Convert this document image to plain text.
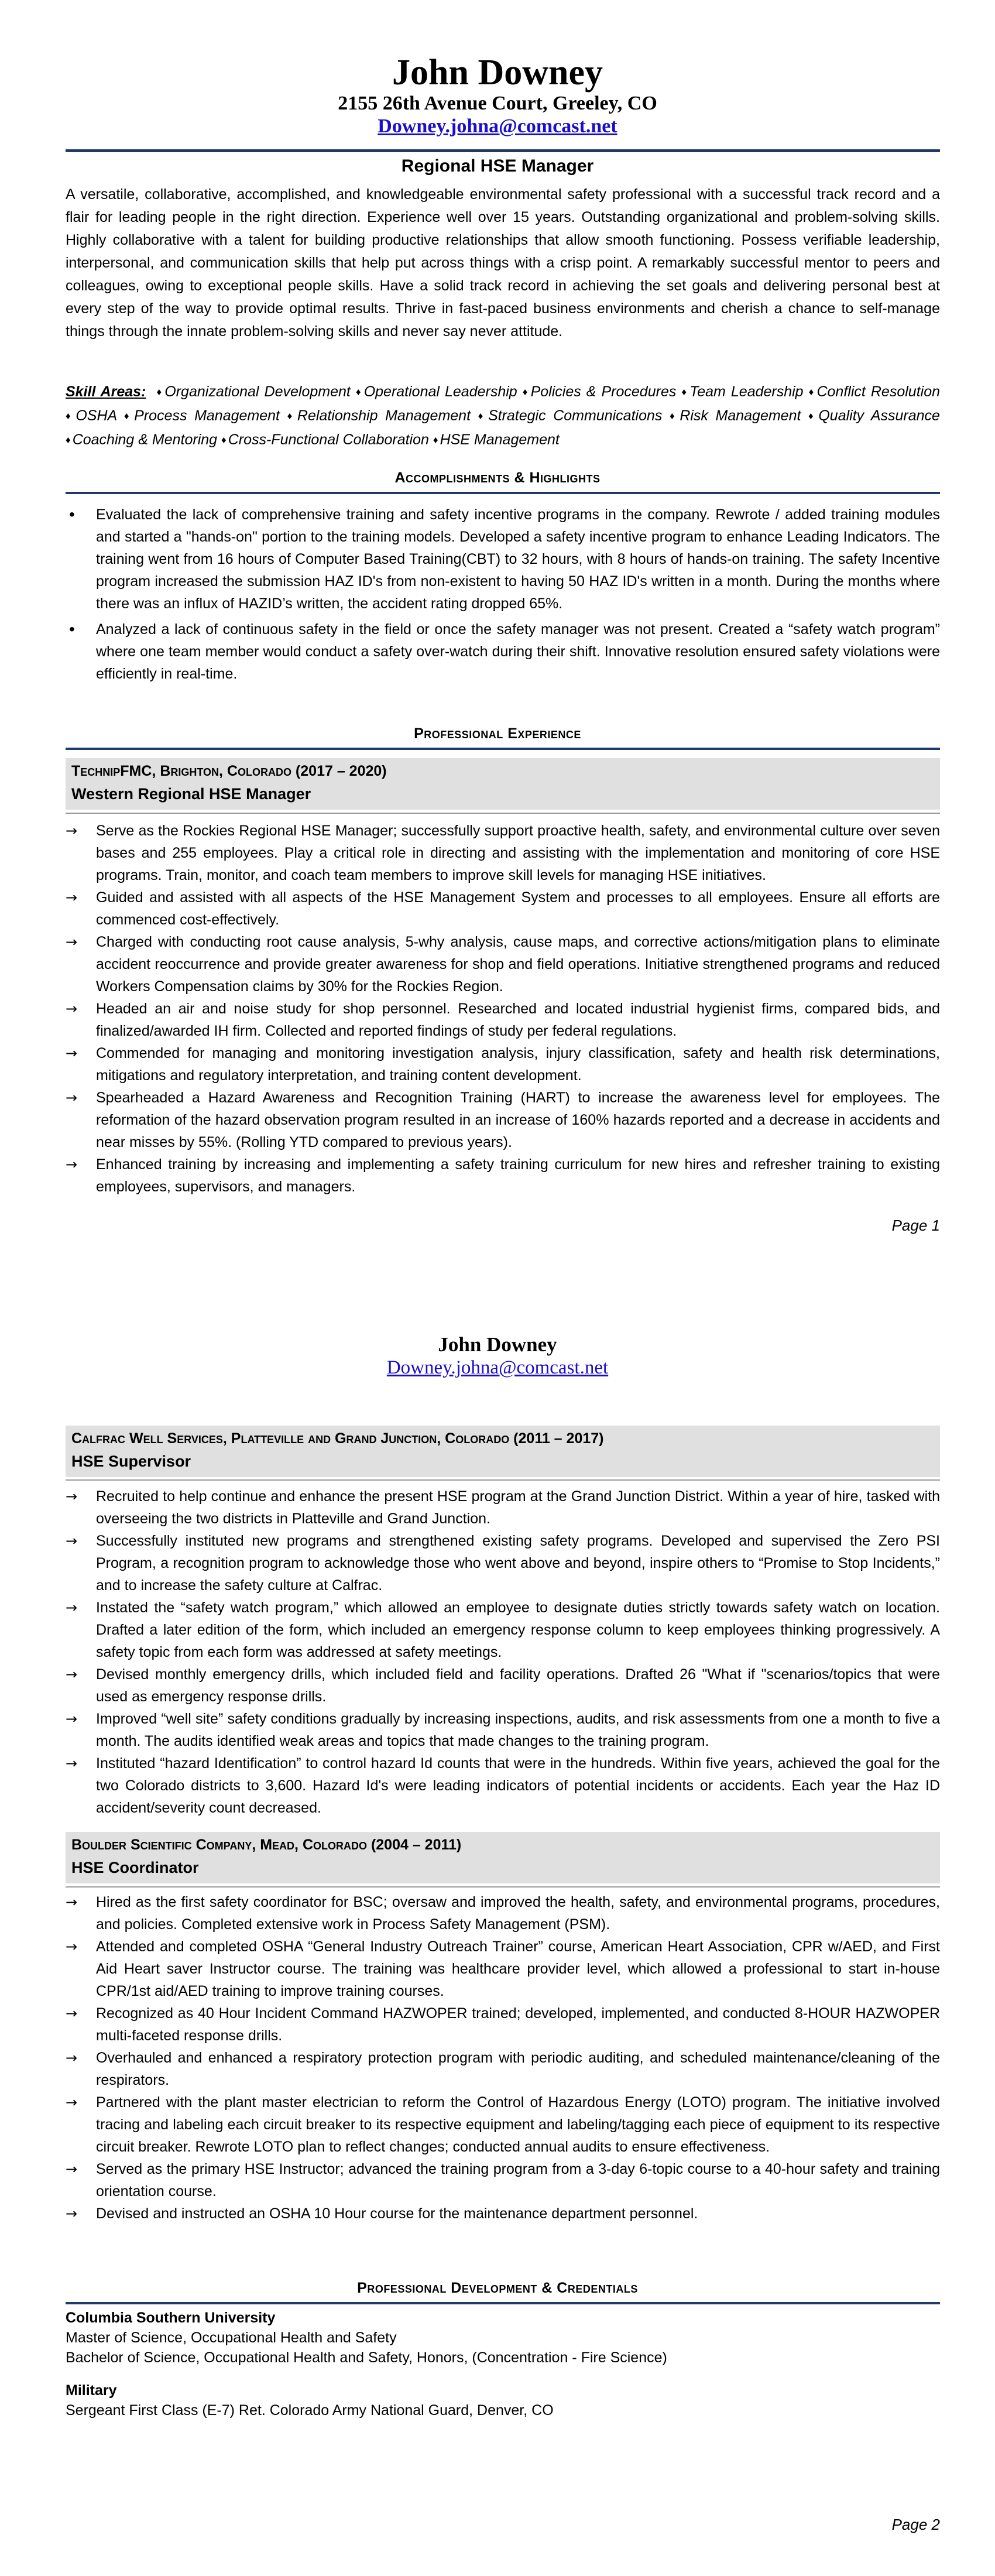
John Downey
2155 26th Avenue Court, Greeley, CO
Downey.johna@comcast.net
Regional HSE Manager
A versatile, collaborative, accomplished, and knowledgeable environmental safety professional with a successful track record and a flair for leading people in the right direction. Experience well over 15 years. Outstanding organizational and problem-solving skills. Highly collaborative with a talent for building productive relationships that allow smooth functioning. Possess verifiable leadership, interpersonal, and communication skills that help put across things with a crisp point. A remarkably successful mentor to peers and colleagues, owing to exceptional people skills. Have a solid track record in achieving the set goals and delivering personal best at every step of the way to provide optimal results. Thrive in fast-paced business environments and cherish a chance to self-manage things through the innate problem-solving skills and never say never attitude.
Skill Areas: ♦ Organizational Development ♦ Operational Leadership ♦ Policies & Procedures ♦ Team Leadership ♦ Conflict Resolution ♦ OSHA ♦ Process Management ♦ Relationship Management ♦ Strategic Communications ♦ Risk Management ♦ Quality Assurance ♦ Coaching & Mentoring ♦ Cross-Functional Collaboration ♦ HSE Management
Accomplishments & Highlights
• Evaluated the lack of comprehensive training and safety incentive programs in the company. Rewrote / added training modules and started a "hands-on" portion to the training models. Developed a safety incentive program to enhance Leading Indicators. The training went from 16 hours of Computer Based Training(CBT) to 32 hours, with 8 hours of hands-on training. The safety Incentive program increased the submission HAZ ID's from non-existent to having 50 HAZ ID's written in a month. During the months where there was an influx of HAZID’s written, the accident rating dropped 65%.
• Analyzed a lack of continuous safety in the field or once the safety manager was not present. Created a “safety watch program” where one team member would conduct a safety over-watch during their shift. Innovative resolution ensured safety violations were efficiently in real-time.
Professional Experience
TechnipFMC, Brighton, Colorado (2017 – 2020)
Western Regional HSE Manager
→ Serve as the Rockies Regional HSE Manager; successfully support proactive health, safety, and environmental culture over seven bases and 255 employees. Play a critical role in directing and assisting with the implementation and monitoring of core HSE programs. Train, monitor, and coach team members to improve skill levels for managing HSE initiatives.
→ Guided and assisted with all aspects of the HSE Management System and processes to all employees. Ensure all efforts are commenced cost-effectively.
→ Charged with conducting root cause analysis, 5-why analysis, cause maps, and corrective actions/mitigation plans to eliminate accident reoccurrence and provide greater awareness for shop and field operations. Initiative strengthened programs and reduced Workers Compensation claims by 30% for the Rockies Region.
→ Headed an air and noise study for shop personnel. Researched and located industrial hygienist firms, compared bids, and finalized/awarded IH firm. Collected and reported findings of study per federal regulations.
→ Commended for managing and monitoring investigation analysis, injury classification, safety and health risk determinations, mitigations and regulatory interpretation, and training content development.
→ Spearheaded a Hazard Awareness and Recognition Training (HART) to increase the awareness level for employees. The reformation of the hazard observation program resulted in an increase of 160% hazards reported and a decrease in accidents and near misses by 55%. (Rolling YTD compared to previous years).
→ Enhanced training by increasing and implementing a safety training curriculum for new hires and refresher training to existing employees, supervisors, and managers.
Page 1
John Downey
Downey.johna@comcast.net
Calfrac Well Services, Platteville and Grand Junction, Colorado (2011 – 2017)
HSE Supervisor
→ Recruited to help continue and enhance the present HSE program at the Grand Junction District. Within a year of hire, tasked with overseeing the two districts in Platteville and Grand Junction.
→ Successfully instituted new programs and strengthened existing safety programs. Developed and supervised the Zero PSI Program, a recognition program to acknowledge those who went above and beyond, inspire others to “Promise to Stop Incidents,” and to increase the safety culture at Calfrac.
→ Instated the “safety watch program,” which allowed an employee to designate duties strictly towards safety watch on location. Drafted a later edition of the form, which included an emergency response column to keep employees thinking progressively. A safety topic from each form was addressed at safety meetings.
→ Devised monthly emergency drills, which included field and facility operations. Drafted 26 "What if "scenarios/topics that were used as emergency response drills.
→ Improved “well site” safety conditions gradually by increasing inspections, audits, and risk assessments from one a month to five a month. The audits identified weak areas and topics that made changes to the training program.
→ Instituted “hazard Identification” to control hazard Id counts that were in the hundreds. Within five years, achieved the goal for the two Colorado districts to 3,600. Hazard Id's were leading indicators of potential incidents or accidents. Each year the Haz ID accident/severity count decreased.
Boulder Scientific Company, Mead, Colorado (2004 – 2011)
HSE Coordinator
→ Hired as the first safety coordinator for BSC; oversaw and improved the health, safety, and environmental programs, procedures, and policies. Completed extensive work in Process Safety Management (PSM).
→ Attended and completed OSHA “General Industry Outreach Trainer” course, American Heart Association, CPR w/AED, and First Aid Heart saver Instructor course. The training was healthcare provider level, which allowed a professional to start in-house CPR/1st aid/AED training to improve training courses.
→ Recognized as 40 Hour Incident Command HAZWOPER trained; developed, implemented, and conducted 8-HOUR HAZWOPER multi-faceted response drills.
→ Overhauled and enhanced a respiratory protection program with periodic auditing, and scheduled maintenance/cleaning of the respirators.
→ Partnered with the plant master electrician to reform the Control of Hazardous Energy (LOTO) program. The initiative involved tracing and labeling each circuit breaker to its respective equipment and labeling/tagging each piece of equipment to its respective circuit breaker. Rewrote LOTO plan to reflect changes; conducted annual audits to ensure effectiveness.
→ Served as the primary HSE Instructor; advanced the training program from a 3-day 6-topic course to a 40-hour safety and training orientation course.
→ Devised and instructed an OSHA 10 Hour course for the maintenance department personnel.
Professional Development & Credentials
Columbia Southern University
Master of Science, Occupational Health and Safety
Bachelor of Science, Occupational Health and Safety, Honors, (Concentration - Fire Science)
Military
Sergeant First Class (E-7) Ret. Colorado Army National Guard, Denver, CO
Page 2
